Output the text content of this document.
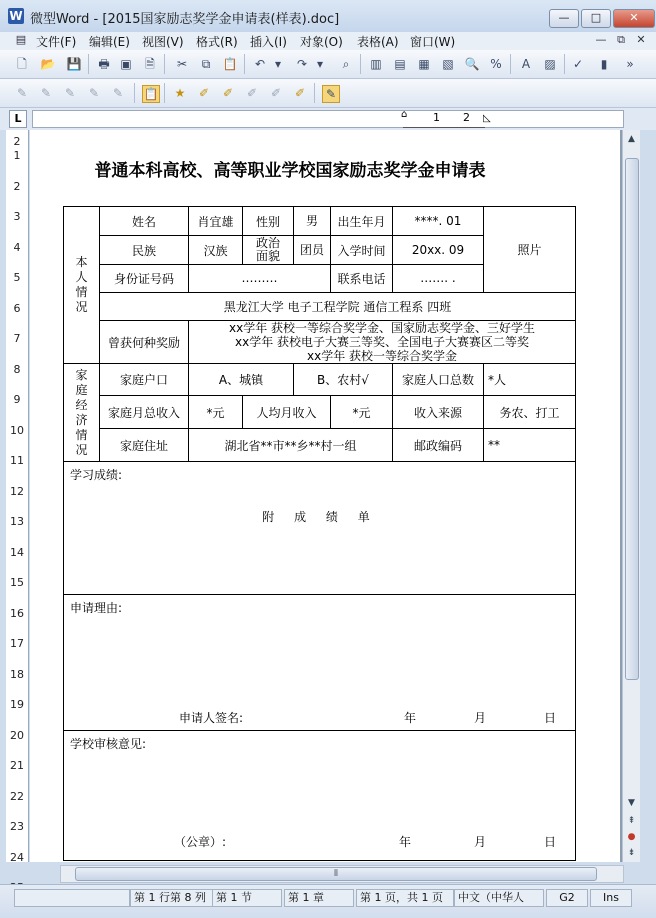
W 微型Word - [2015国家励志奖学金申请表(样表).doc]	—	□	✕
▤ 文件(F) 编辑(E) 视图(V) 格式(R) 插入(I) 对象(O) 表格(A) 窗口(W)	— ⧉ ✕
🗋 📂 💾 🖶 ▣ 🗎 ✂	⧉	📋 ↶ ▾	↷ ▾	⌕	▥ ▤ ▦ ▧ 🔍 %	A	▨ ✓	▮	»
✎ ✎ ✎ ✎ ✎ 📋 ★ ✐ ✐ ✐ ✐ ✐	✎
L	⌂ 1 2 ◺
2
1
2
3
4
5
6
7
8
9
10
11
12
13
14
15
16
17
18
19
20
21
22
23
24
普通本科高校、高等职业学校国家励志奖学金申请表
本人情况	姓名	肖宜雄	性别	男	出生年月	****. 01	照片
	民族	汉族	政治面貌	团员	入学时间	20xx. 09	
	身份证号码	………			联系电话	……. .	
	黑龙江大学 电子工程学院 通信工程系 四班						
	曾获何种奖励	xx学年 获校一等综合奖学金、国家励志奖学金、三好学生
xx学年 获校电子大赛三等奖、全国电子大赛赛区二等奖
xx学年 获校一等综合奖学金					

家庭经济情况	家庭户口	A、城镇		B、农村√		家庭人口总数	*人
	家庭月总收入	*元	人均月收入		*元	收入来源	务农、打工
	家庭住址	湖北省**市**乡**村一组				邮政编码	**

学习成绩:
附 成 绩 单							

申请理由:
申请人签名: 年 月 日							

学校审核意见:
（公章）: 年 月 日							
▲
▼
⇞
●
⇟
⦀
第 1 行第 8 列 第 1 节	第 1 章	第 1 页，共 1 页	中文（中华人	G2	Ins
